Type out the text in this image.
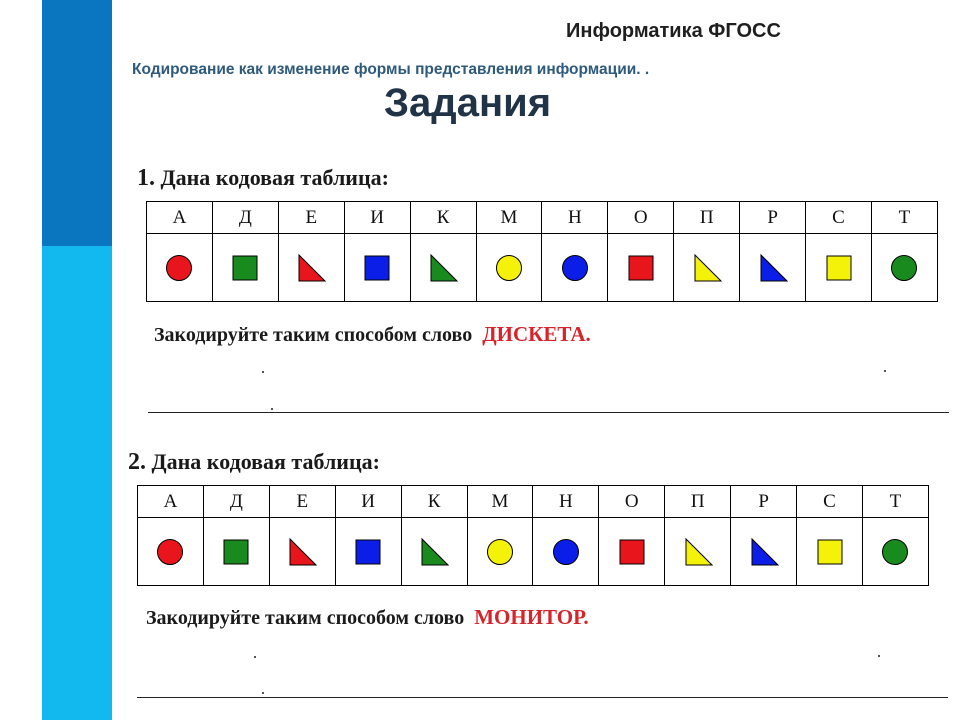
Информатика ФГОСС
Кодирование как изменение формы представления информации. .
Задания
1. Дана кодовая таблица:
А	Д	Е	И	К	М	Н	О	П	Р	С	Т

Закодируйте таким способом слово ДИСКЕТА.
2. Дана кодовая таблица:
А	Д	Е	И	К	М	Н	О	П	Р	С	Т

Закодируйте таким способом слово МОНИТОР.
